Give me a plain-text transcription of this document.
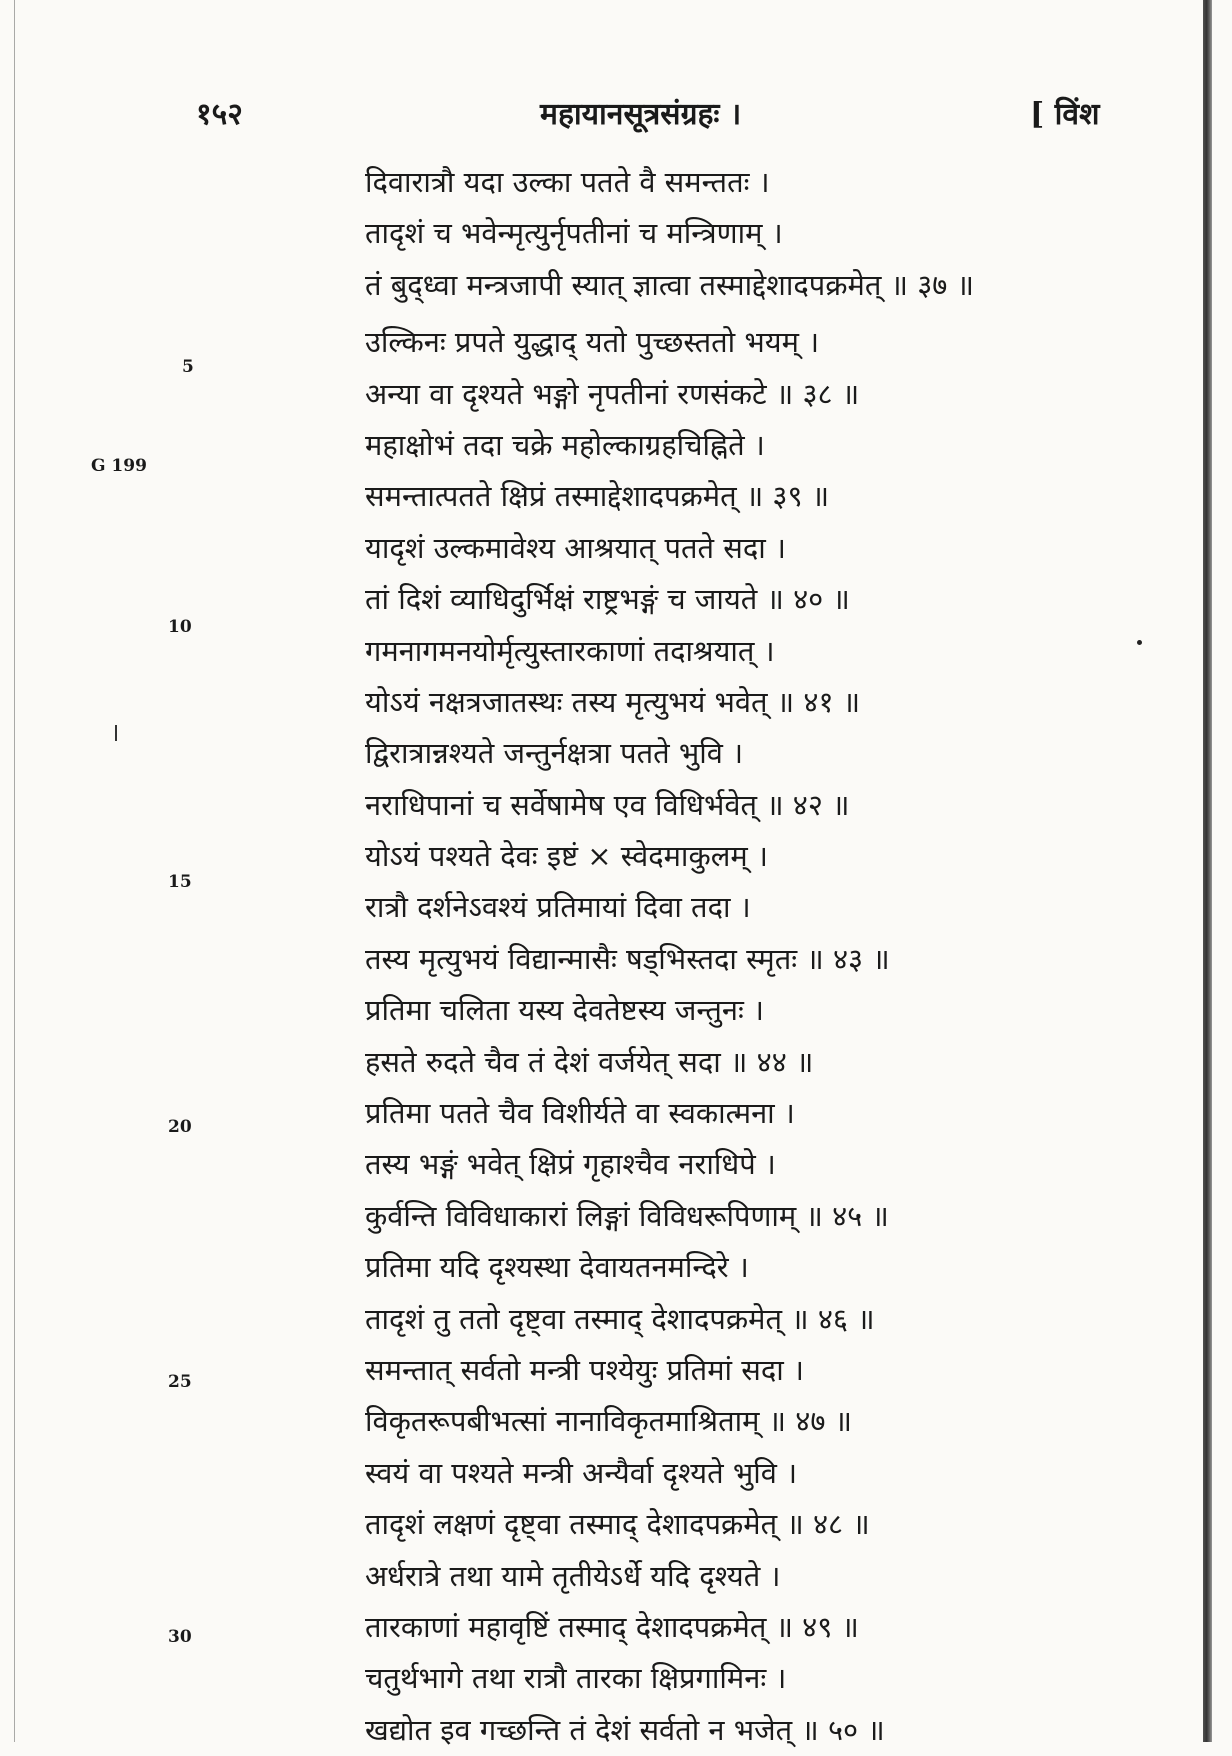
१५२	महायानसूत्रसंग्रहः ।	[ विंश
G 199
5
10
15
20
25
30
दिवारात्रौ यदा उल्का पतते वै समन्ततः ।
तादृशं च भवेन्मृत्युर्नृपतीनां च मन्त्रिणाम् ।
तं बुद्ध्वा मन्त्रजापी स्यात् ज्ञात्वा तस्माद्देशादपक्रमेत् ॥ ३७ ॥
उल्किनः प्रपते युद्धाद् यतो पुच्छस्ततो भयम् ।
अन्या वा दृश्यते भङ्गो नृपतीनां रणसंकटे ॥ ३८ ॥
महाक्षोभं तदा चक्रे महोल्काग्रहचिह्निते ।
समन्तात्पतते क्षिप्रं तस्माद्देशादपक्रमेत् ॥ ३९ ॥
यादृशं उल्कमावेश्य आश्रयात् पतते सदा ।
तां दिशं व्याधिदुर्भिक्षं राष्ट्रभङ्गं च जायते ॥ ४० ॥
गमनागमनयोर्मृत्युस्तारकाणां तदाश्रयात् ।
योऽयं नक्षत्रजातस्थः तस्य मृत्युभयं भवेत् ॥ ४१ ॥
द्विरात्रान्नश्यते जन्तुर्नक्षत्रा पतते भुवि ।
नराधिपानां च सर्वेषामेष एव विधिर्भवेत् ॥ ४२ ॥
योऽयं पश्यते देवः इष्टं × स्वेदमाकुलम् ।
रात्रौ दर्शनेऽवश्यं प्रतिमायां दिवा तदा ।
तस्य मृत्युभयं विद्यान्मासैः षड्भिस्तदा स्मृतः ॥ ४३ ॥
प्रतिमा चलिता यस्य देवतेष्टस्य जन्तुनः ।
हसते रुदते चैव तं देशं वर्जयेत् सदा ॥ ४४ ॥
प्रतिमा पतते चैव विशीर्यते वा स्वकात्मना ।
तस्य भङ्गं भवेत् क्षिप्रं गृहाश्चैव नराधिपे ।
कुर्वन्ति विविधाकारां लिङ्गां विविधरूपिणाम् ॥ ४५ ॥
प्रतिमा यदि दृश्यस्था देवायतनमन्दिरे ।
तादृशं तु ततो दृष्ट्वा तस्माद् देशादपक्रमेत् ॥ ४६ ॥
समन्तात् सर्वतो मन्त्री पश्येयुः प्रतिमां सदा ।
विकृतरूपबीभत्सां नानाविकृतमाश्रिताम् ॥ ४७ ॥
स्वयं वा पश्यते मन्त्री अन्यैर्वा दृश्यते भुवि ।
तादृशं लक्षणं दृष्ट्वा तस्माद् देशादपक्रमेत् ॥ ४८ ॥
अर्धरात्रे तथा यामे तृतीयेऽर्धे यदि दृश्यते ।
तारकाणां महावृष्टिं तस्माद् देशादपक्रमेत् ॥ ४९ ॥
चतुर्थभागे तथा रात्रौ तारका क्षिप्रगामिनः ।
खद्योत इव गच्छन्ति तं देशं सर्वतो न भजेत् ॥ ५० ॥
